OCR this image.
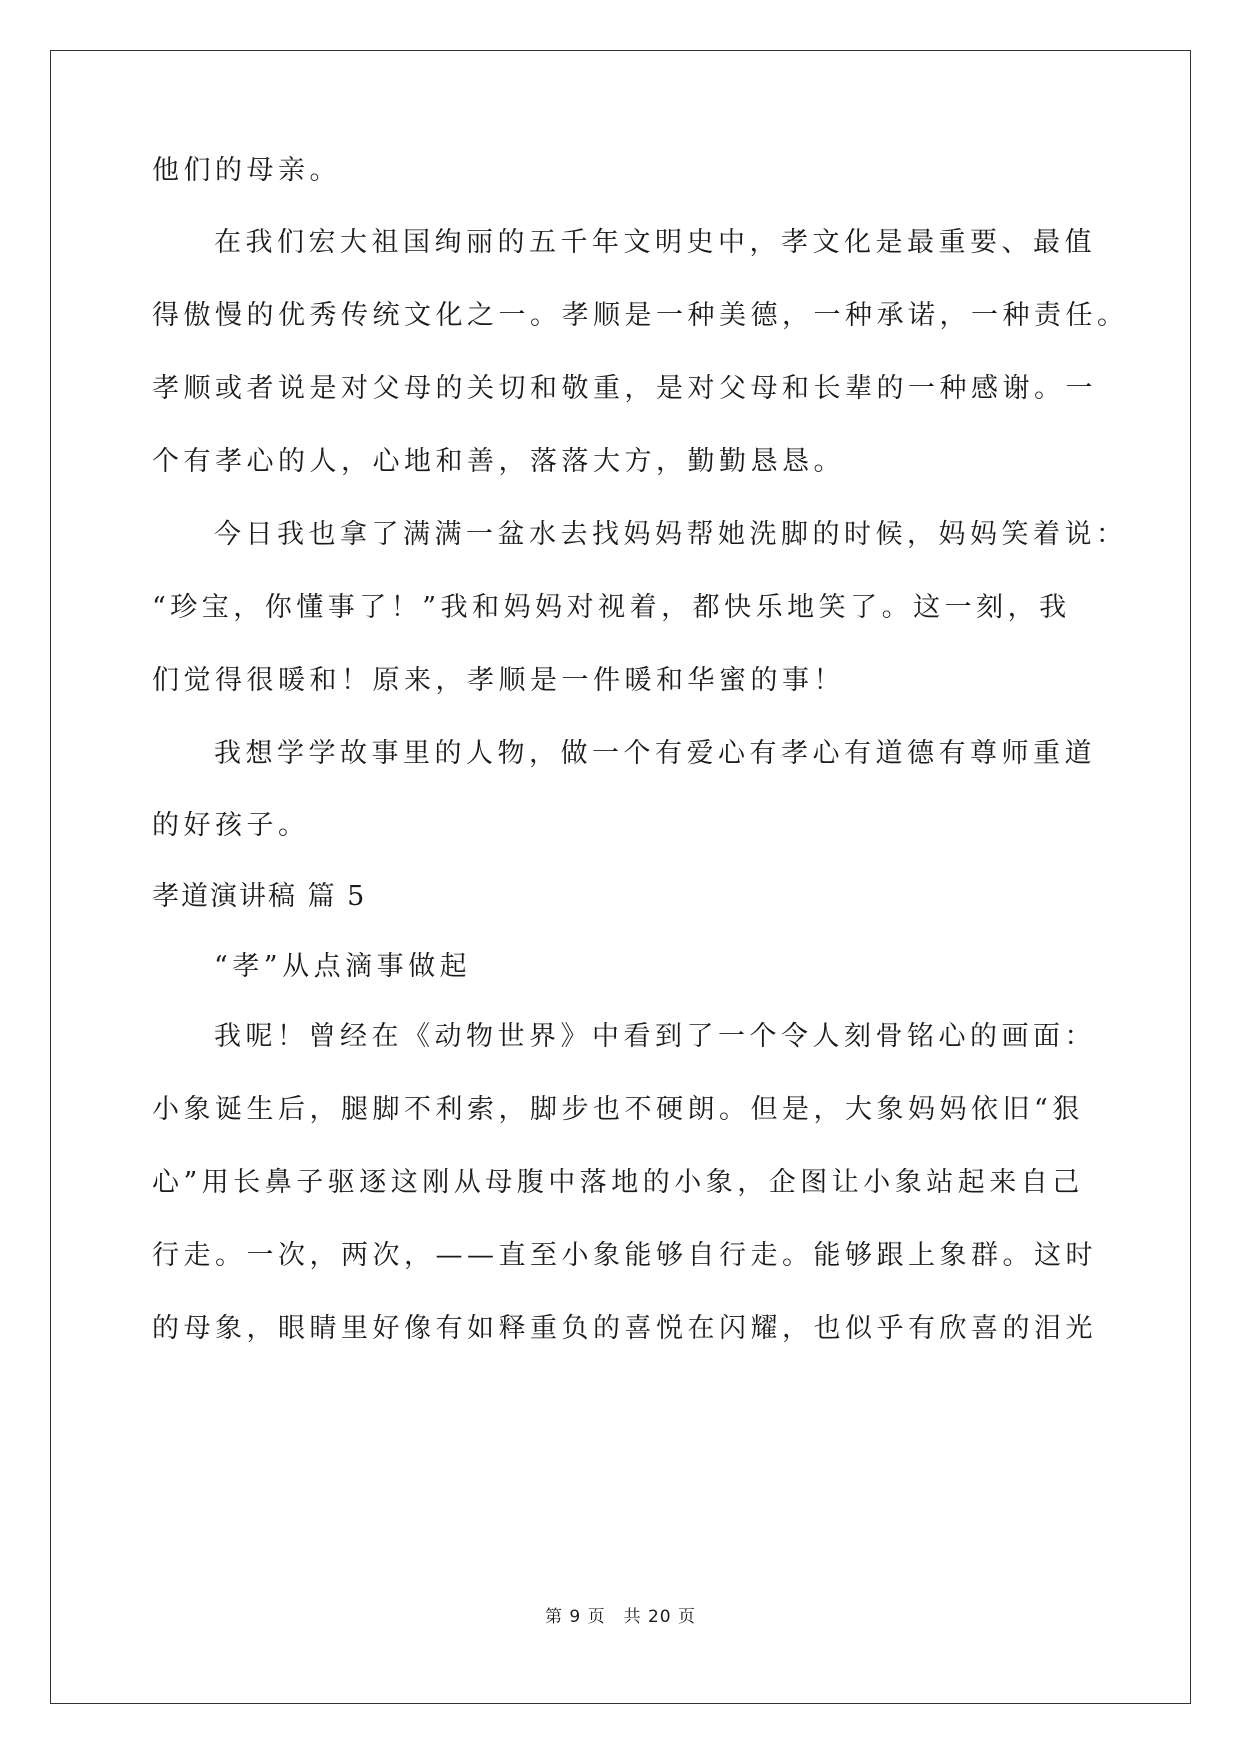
他们的母亲。
在我们宏大祖国绚丽的五千年文明史中，孝文化是最重要、最值
得傲慢的优秀传统文化之一。孝顺是一种美德，一种承诺，一种责任。
孝顺或者说是对父母的关切和敬重，是对父母和长辈的一种感谢。一
个有孝心的人，心地和善，落落大方，勤勤恳恳。
今日我也拿了满满一盆水去找妈妈帮她洗脚的时候，妈妈笑着说：
“珍宝，你懂事了！”我和妈妈对视着，都快乐地笑了。这一刻，我
们觉得很暖和！原来，孝顺是一件暖和华蜜的事！
我想学学故事里的人物，做一个有爱心有孝心有道德有尊师重道
的好孩子。
孝道演讲稿 篇 5
“孝”从点滴事做起
我呢！曾经在《动物世界》中看到了一个令人刻骨铭心的画面：
小象诞生后，腿脚不利索，脚步也不硬朗。但是，大象妈妈依旧“狠
心”用长鼻子驱逐这刚从母腹中落地的小象，企图让小象站起来自己
行走。一次，两次，——直至小象能够自行走。能够跟上象群。这时
的母象，眼睛里好像有如释重负的喜悦在闪耀，也似乎有欣喜的泪光
第 9 页　共 20 页
